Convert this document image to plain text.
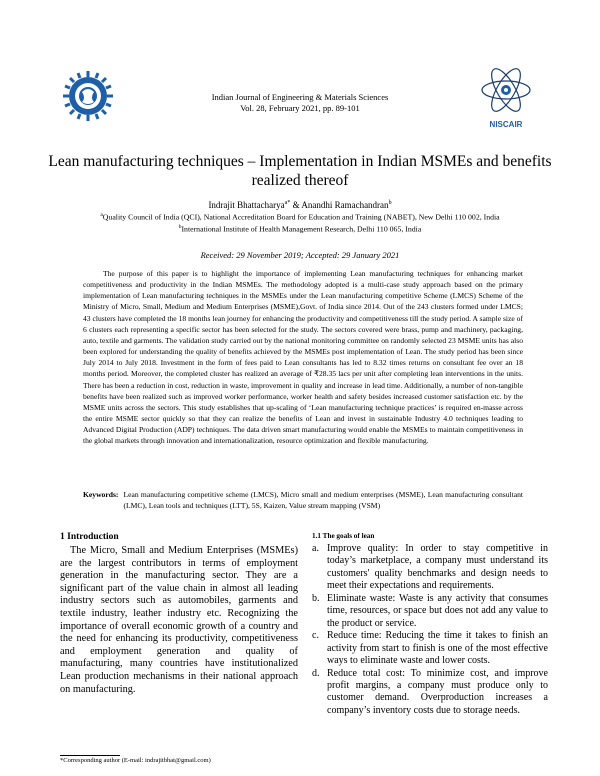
Indian Journal of Engineering & Materials Sciences
Vol. 28, February 2021, pp. 89-101
NISCAIR
Lean manufacturing techniques – Implementation in Indian MSMEs and benefits realized thereof
Indrajit Bhattacharya$^{a*}$ & Anandhi Ramachandran$^b$
$^a$Quality Council of India (QCI), National Accreditation Board for Education and Training (NABET), New Delhi 110 002, India
$^b$International Institute of Health Management Research, Delhi 110 065, India
Received: 29 November 2019; Accepted: 29 January 2021
The purpose of this paper is to highlight the importance of implementing Lean manufacturing techniques for enhancing market competitiveness and productivity in the Indian MSMEs. The methodology adopted is a multi-case study approach based on the primary implementation of Lean manufacturing techniques in the MSMEs under the Lean manufacturing competitive Scheme (LMCS) Scheme of the Ministry of Micro, Small, Medium and Medium Enterprises (MSME),Govt. of India since 2014. Out of the 243 clusters formed under LMCS; 43 clusters have completed the 18 months lean journey for enhancing the productivity and competitiveness till the study period. A sample size of 6 clusters each representing a specific sector has been selected for the study. The sectors covered were brass, pump and machinery, packaging, auto, textile and garments. The validation study carried out by the national monitoring committee on randomly selected 23 MSME units has also been explored for understanding the quality of benefits achieved by the MSMEs post implementation of Lean. The study period has been since July 2014 to July 2018. Investment in the form of fees paid to Lean consultants has led to 8.32 times returns on consultant fee over an 18 months period. Moreover, the completed cluster has realized an average of ₹28.35 lacs per unit after completing lean interventions in the units. There has been a reduction in cost, reduction in waste, improvement in quality and increase in lead time. Additionally, a number of non-tangible benefits have been realized such as improved worker performance, worker health and safety besides increased customer satisfaction etc. by the MSME units across the sectors. This study establishes that up-scaling of ‘Lean manufacturing technique practices’ is required en-masse across the entire MSME sector quickly so that they can realize the benefits of Lean and invest in sustainable Industry 4.0 techniques leading to Advanced Digital Production (ADP) techniques. The data driven smart manufacturing would enable the MSMEs to maintain competitiveness in the global markets through innovation and internationalization, resource optimization and flexible manufacturing.
Keywords: Lean manufacturing competitive scheme (LMCS), Micro small and medium enterprises (MSME), Lean manufacturing consultant (LMC), Lean tools and techniques (LTT), 5S, Kaizen, Value stream mapping (VSM)
1 Introduction

The Micro, Small and Medium Enterprises (MSMEs) are the largest contributors in terms of employment generation in the manufacturing sector. They are a significant part of the value chain in almost all leading industry sectors such as automobiles, garments and textile industry, leather industry etc. Recognizing the importance of overall economic growth of a country and the need for enhancing its productivity, competitiveness and employment generation and quality of manufacturing, many countries have institutionalized Lean production mechanisms in their national approach on manufacturing.

1.1 The goals of lean
a. Improve quality: In order to stay competitive in today’s marketplace, a company must understand its customers' quality benchmarks and design needs to meet their expectations and requirements.
b. Eliminate waste: Waste is any activity that consumes time, resources, or space but does not add any value to the product or service.
c. Reduce time: Reducing the time it takes to finish an activity from start to finish is one of the most effective ways to eliminate waste and lower costs.
d. Reduce total cost: To minimize cost, and improve profit margins, a company must produce only to customer demand. Overproduction increases a company’s inventory costs due to storage needs.
*Corresponding author (E-mail: indrajitbhat@gmail.com)
